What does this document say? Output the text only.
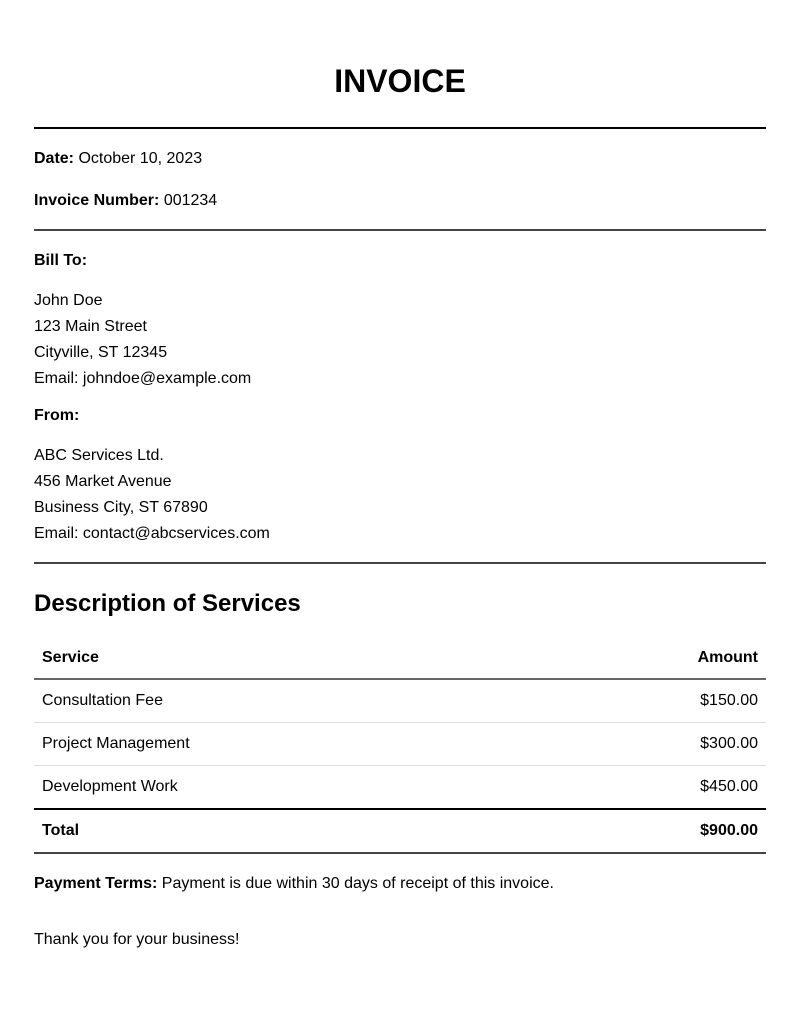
INVOICE

Date: October 10, 2023

Invoice Number: 001234

Bill To:

John Doe

123 Main Street

Cityville, ST 12345

Email: johndoe@example.com

From:

ABC Services Ltd.

456 Market Avenue

Business City, ST 67890

Email: contact@abcservices.com

Description of Services
Service	Amount
Consultation Fee	$150.00
Project Management	$300.00
Development Work	$450.00
Total	$900.00

Payment Terms: Payment is due within 30 days of receipt of this invoice.

Thank you for your business!
